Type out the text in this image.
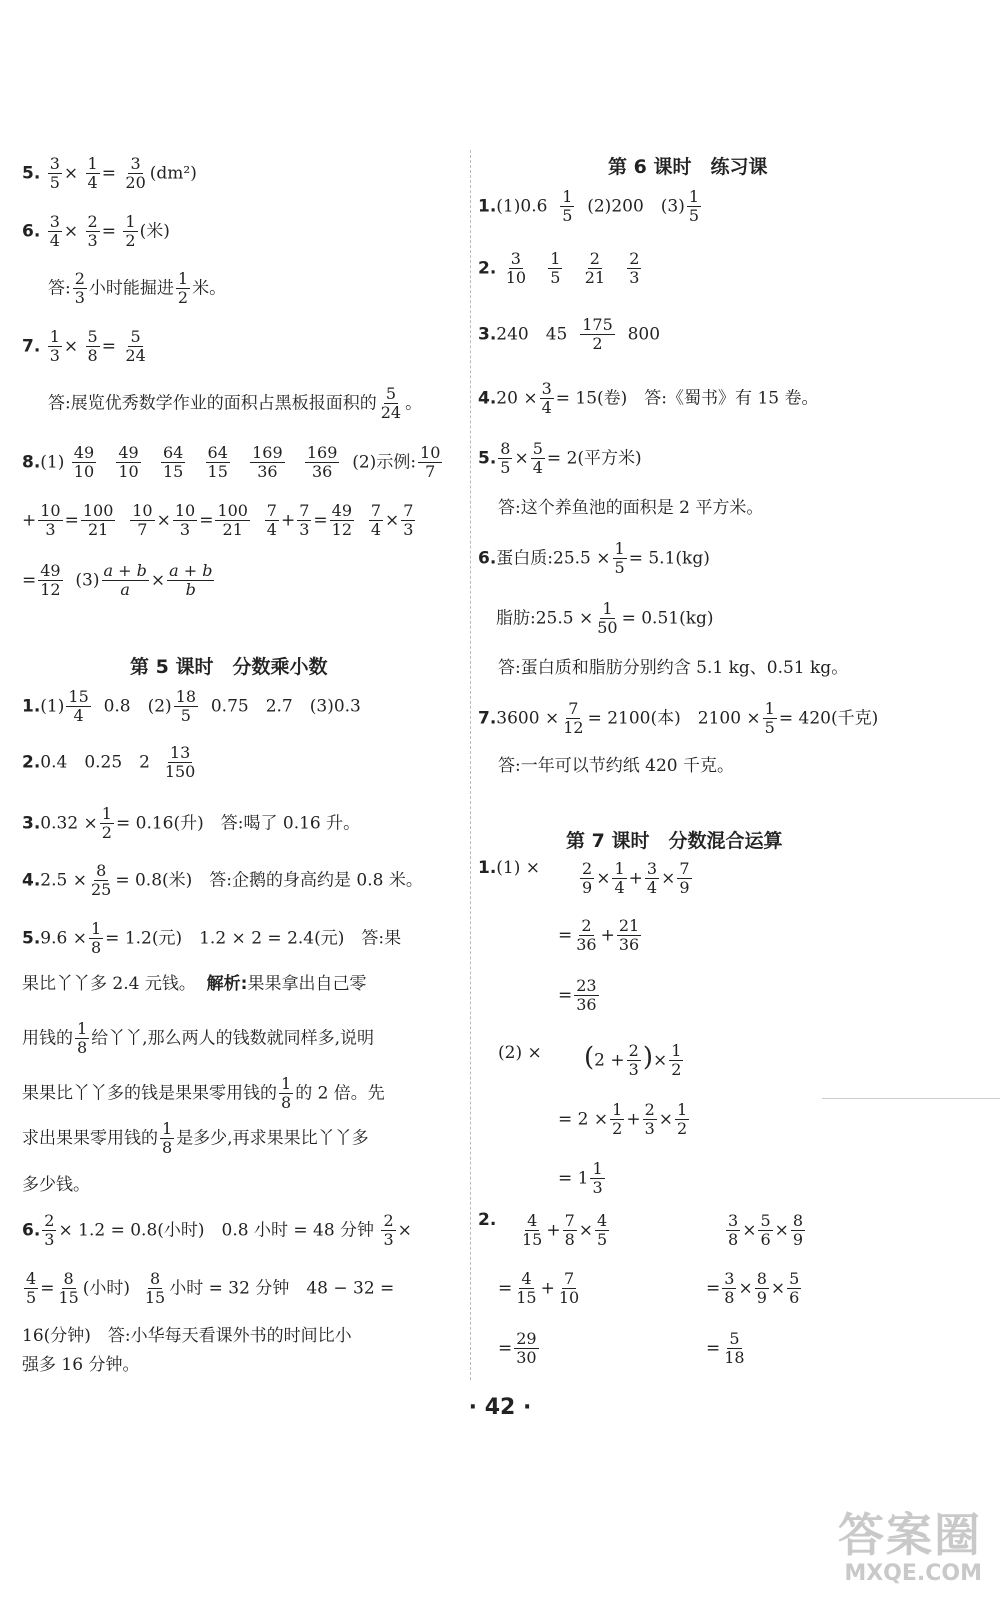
5. $\frac{3}{5} \times \frac{1}{4} = \frac{3}{20} (dm^2)$
6. $\frac{3}{4} \times \frac{2}{3} = \frac{1}{2}$ (米)
答: $\frac{2}{3}$ 小时能掘进 $\frac{1}{2}$ 米。
7. $\frac{1}{3} \times \frac{5}{8} = \frac{5}{24}$
答:展览优秀数学作业的面积占黑板报面积的 $\frac{5}{24}$ 。
$8.(1) \frac{49}{10}$
$\frac{49}{10}$
$\frac{64}{15}$
$\frac{64}{15}$
$\frac{169}{36}$
$\frac{169}{36} (2)$示例: $\frac{10}{7}$
+ $\frac{10}{3} = \frac{100}{21}$
$\frac{10}{7} \times \frac{10}{3} = \frac{100}{21}$
$\frac{7}{4} + \frac{7}{3} = \frac{49}{12}$
$\frac{7}{4} \times \frac{7}{3}$
= $\frac{49}{12} (3) \frac{a + b}{a} \times \frac{a + b}{b}$
第 5 课时　分数乘小数
$1.(1) \frac{15}{4} 0.8$　$(2) \frac{18}{5} 0.75$　2.7　(3)0.3
2.0.4　0.25　$2 \frac{13}{150}$
$3.0.32 \times \frac{1}{2} = 0.16$(升)　答:喝了 0.16 升。
$4.2.5 \times \frac{8}{25} = 0.8$(米)　答:企鹅的身高约是 0.8 米。
$5.9.6 \times \frac{1}{8} = 1.2$(元)　1.2 × 2 = 2.4(元)　答:果
果比丫丫多 2.4 元钱。 解析:果果拿出自己零
用钱的 $\frac{1}{8}$ 给丫丫,那么两人的钱数就同样多,说明
果果比丫丫多的钱是果果零用钱的 $\frac{1}{8}$ 的 2 倍。先
求出果果零用钱的 $\frac{1}{8}$ 是多少,再求果果比丫丫多
多少钱。
6. $\frac{2}{3} \times 1.2 = 0.8$(小时)　0.8 小时 = 48 分钟 $\frac{2}{3}$ ×
$\frac{4}{5} = \frac{8}{15}$ (小时) $\frac{8}{15}$ 小时 = 32 分钟　48 − 32 =
16(分钟)　答:小华每天看课外书的时间比小
强多 16 分钟。
第 6 课时　练习课
$1.(1)0.6 \frac{1}{5} (2)200$　$(3) \frac{1}{5}$
2. $\frac{3}{10}$
$\frac{1}{5}$
$\frac{2}{21}$
$\frac{2}{3}$
3.240　$45 \frac{175}{2} 800$
$4.20 \times \frac{3}{4} = 15$(卷)　答:《蜀书》有 15 卷。
5. $\frac{8}{5} \times \frac{5}{4} = 2$(平方米)
答:这个养鱼池的面积是 2 平方米。
6.蛋白质:25.5 × $\frac{1}{5} = 5.1(kg)$
脂肪:25.5 × $\frac{1}{50} = 0.51(kg)$
答:蛋白质和脂肪分别约含 5.1 kg、0.51 kg。
$7.3600 \times \frac{7}{12} = 2100$(本)　$2100 \times \frac{1}{5} = 420$(千克)
答:一年可以节约纸 420 千克。
第 7 课时　分数混合运算
$1.(1) \times \frac{2}{9} \times \frac{1}{4} + \frac{3}{4} \times \frac{7}{9}$
= $\frac{2}{36} + \frac{21}{36}$
= $\frac{23}{36}$
$(2) \times (2 + \frac{2}{3}$ )× $\frac{1}{2}$
= $2 \times \frac{1}{2} + \frac{2}{3} \times \frac{1}{2}$
= $1 \frac{1}{3}$
2. $\frac{4}{15} + \frac{7}{8} \times \frac{4}{5}$
= $\frac{4}{15} + \frac{7}{10}$
= $\frac{29}{30}$
$\frac{3}{8} \times \frac{5}{6} \times \frac{8}{9}$
= $\frac{3}{8} \times \frac{8}{9} \times \frac{5}{6}$
= $\frac{5}{18}$
· 42 ·
答案圈
MXQE.COM
